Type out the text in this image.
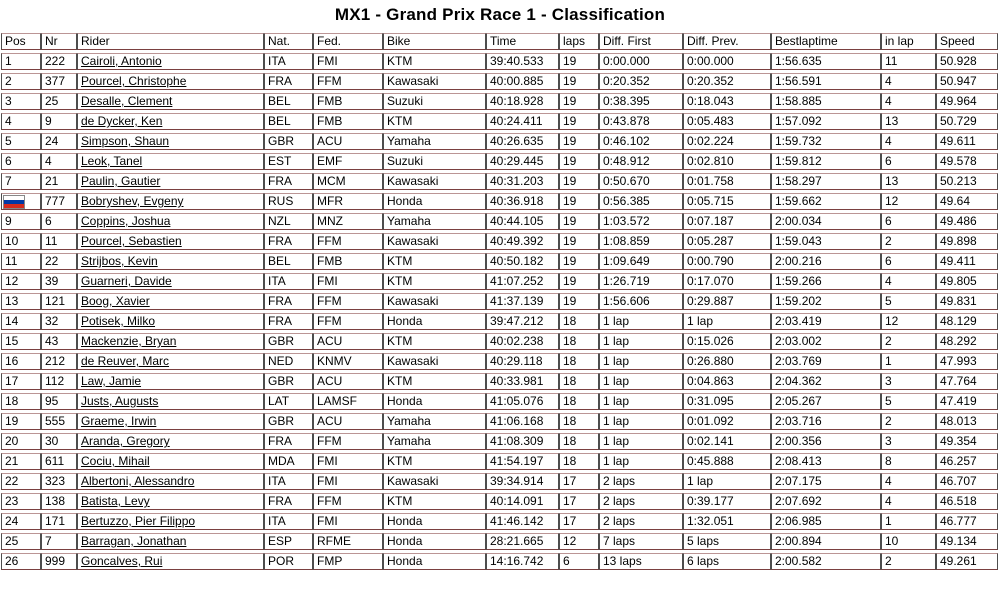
MX1 - Grand Prix Race 1 - Classification
Pos	Nr	Rider	Nat.	Fed.	Bike	Time	laps	Diff. First	Diff. Prev.	Bestlaptime	in lap	Speed
1	222	Cairoli, Antonio	ITA	FMI	KTM	39:40.533	19	0:00.000	0:00.000	1:56.635	11	50.928
2	377	Pourcel, Christophe	FRA	FFM	Kawasaki	40:00.885	19	0:20.352	0:20.352	1:56.591	4	50.947
3	25	Desalle, Clement	BEL	FMB	Suzuki	40:18.928	19	0:38.395	0:18.043	1:58.885	4	49.964
4	9	de Dycker, Ken	BEL	FMB	KTM	40:24.411	19	0:43.878	0:05.483	1:57.092	13	50.729
5	24	Simpson, Shaun	GBR	ACU	Yamaha	40:26.635	19	0:46.102	0:02.224	1:59.732	4	49.611
6	4	Leok, Tanel	EST	EMF	Suzuki	40:29.445	19	0:48.912	0:02.810	1:59.812	6	49.578
7	21	Paulin, Gautier	FRA	MCM	Kawasaki	40:31.203	19	0:50.670	0:01.758	1:58.297	13	50.213

	777	Bobryshev, Evgeny	RUS	MFR	Honda	40:36.918	19	0:56.385	0:05.715	1:59.662	12	49.64
9	6	Coppins, Joshua	NZL	MNZ	Yamaha	40:44.105	19	1:03.572	0:07.187	2:00.034	6	49.486
10	11	Pourcel, Sebastien	FRA	FFM	Kawasaki	40:49.392	19	1:08.859	0:05.287	1:59.043	2	49.898
11	22	Strijbos, Kevin	BEL	FMB	KTM	40:50.182	19	1:09.649	0:00.790	2:00.216	6	49.411
12	39	Guarneri, Davide	ITA	FMI	KTM	41:07.252	19	1:26.719	0:17.070	1:59.266	4	49.805
13	121	Boog, Xavier	FRA	FFM	Kawasaki	41:37.139	19	1:56.606	0:29.887	1:59.202	5	49.831
14	32	Potisek, Milko	FRA	FFM	Honda	39:47.212	18	1 lap	1 lap	2:03.419	12	48.129
15	43	Mackenzie, Bryan	GBR	ACU	KTM	40:02.238	18	1 lap	0:15.026	2:03.002	2	48.292
16	212	de Reuver, Marc	NED	KNMV	Kawasaki	40:29.118	18	1 lap	0:26.880	2:03.769	1	47.993
17	112	Law, Jamie	GBR	ACU	KTM	40:33.981	18	1 lap	0:04.863	2:04.362	3	47.764
18	95	Justs, Augusts	LAT	LAMSF	Honda	41:05.076	18	1 lap	0:31.095	2:05.267	5	47.419
19	555	Graeme, Irwin	GBR	ACU	Yamaha	41:06.168	18	1 lap	0:01.092	2:03.716	2	48.013
20	30	Aranda, Gregory	FRA	FFM	Yamaha	41:08.309	18	1 lap	0:02.141	2:00.356	3	49.354
21	611	Cociu, Mihail	MDA	FMI	KTM	41:54.197	18	1 lap	0:45.888	2:08.413	8	46.257
22	323	Albertoni, Alessandro	ITA	FMI	Kawasaki	39:34.914	17	2 laps	1 lap	2:07.175	4	46.707
23	138	Batista, Levy	FRA	FFM	KTM	40:14.091	17	2 laps	0:39.177	2:07.692	4	46.518
24	171	Bertuzzo, Pier Filippo	ITA	FMI	Honda	41:46.142	17	2 laps	1:32.051	2:06.985	1	46.777
25	7	Barragan, Jonathan	ESP	RFME	Honda	28:21.665	12	7 laps	5 laps	2:00.894	10	49.134
26	999	Goncalves, Rui	POR	FMP	Honda	14:16.742	6	13 laps	6 laps	2:00.582	2	49.261
